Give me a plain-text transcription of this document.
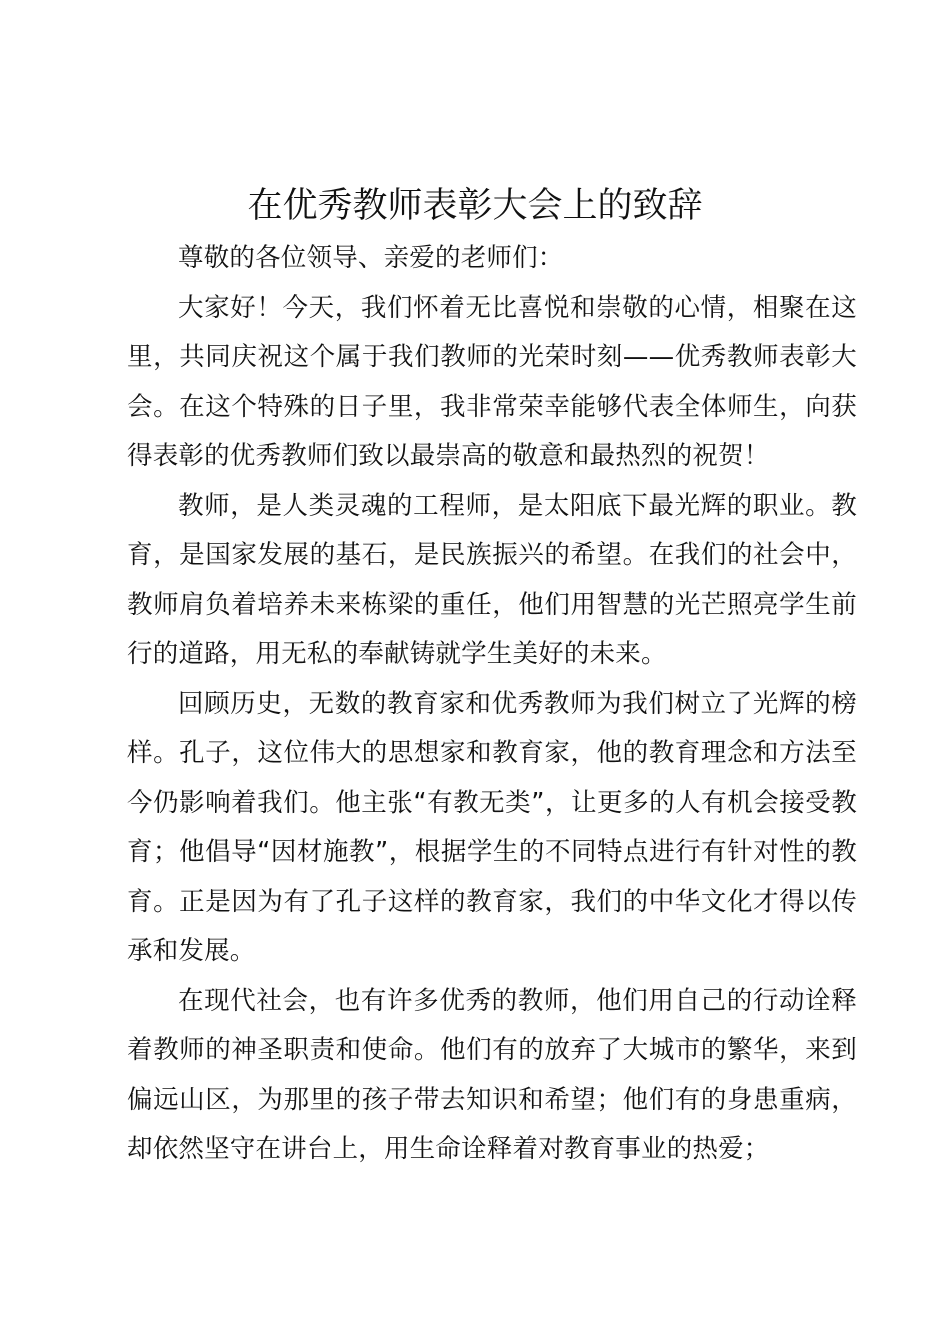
在优秀教师表彰大会上的致辞

尊敬的各位领导、亲爱的老师们：

大家好！今天，我们怀着无比喜悦和崇敬的心情，相聚在这里，共同庆祝这个属于我们教师的光荣时刻——优秀教师表彰大会。在这个特殊的日子里，我非常荣幸能够代表全体师生，向获得表彰的优秀教师们致以最崇高的敬意和最热烈的祝贺！

教师，是人类灵魂的工程师，是太阳底下最光辉的职业。教育，是国家发展的基石，是民族振兴的希望。在我们的社会中，教师肩负着培养未来栋梁的重任，他们用智慧的光芒照亮学生前行的道路，用无私的奉献铸就学生美好的未来。

回顾历史，无数的教育家和优秀教师为我们树立了光辉的榜样。孔子，这位伟大的思想家和教育家，他的教育理念和方法至今仍影响着我们。他主张“有教无类”，让更多的人有机会接受教育；他倡导“因材施教”，根据学生的不同特点进行有针对性的教育。正是因为有了孔子这样的教育家，我们的中华文化才得以传承和发展。

在现代社会，也有许多优秀的教师，他们用自己的行动诠释着教师的神圣职责和使命。他们有的放弃了大城市的繁华，来到偏远山区，为那里的孩子带去知识和希望；他们有的身患重病，却依然坚守在讲台上，用生命诠释着对教育事业的热爱；
